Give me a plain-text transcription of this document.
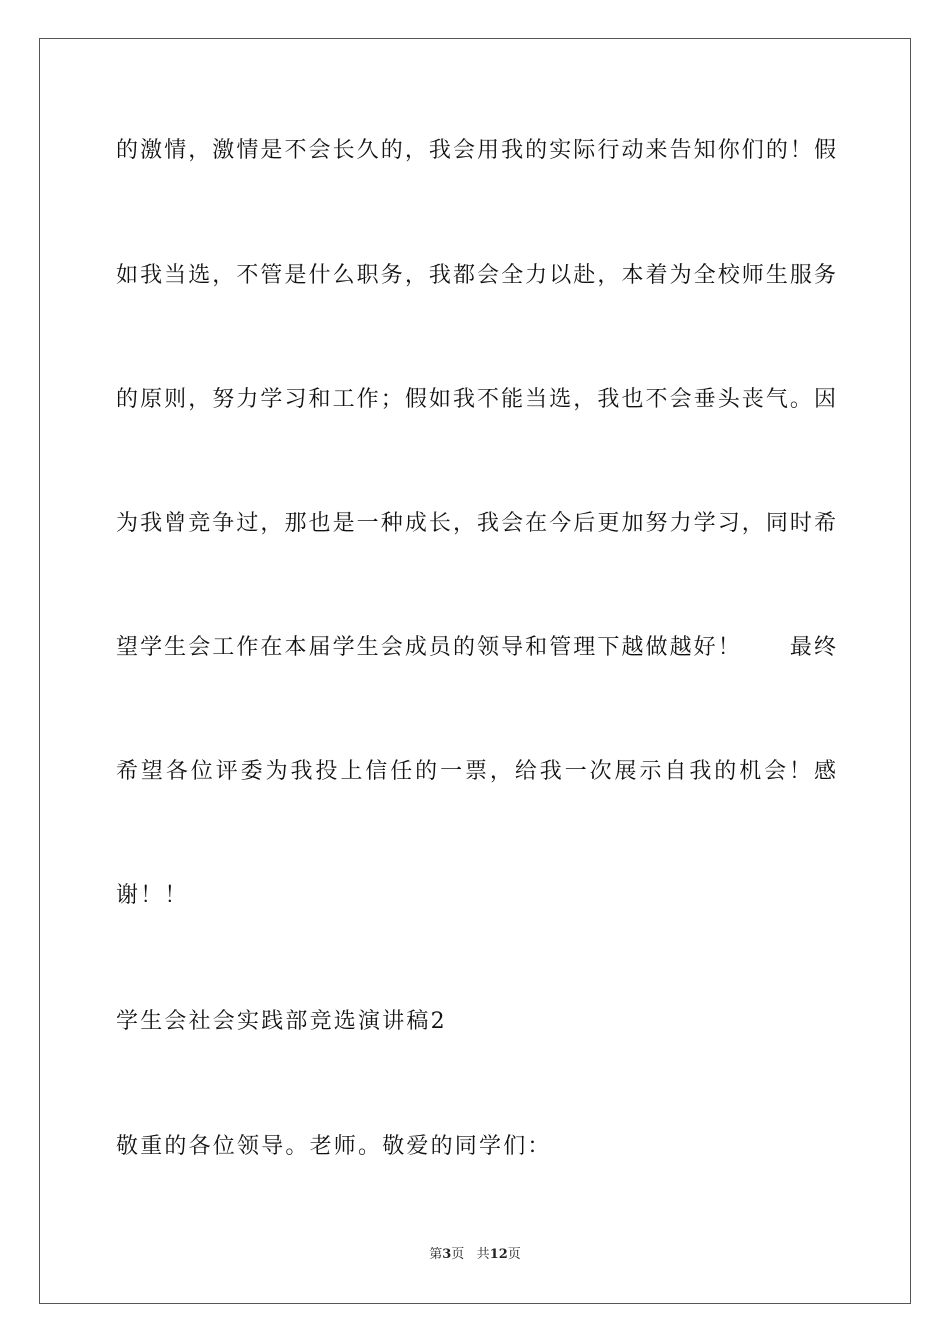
的激情，激情是不会长久的，我会用我的实际行动来告知你们的！假
如我当选，不管是什么职务，我都会全力以赴，本着为全校师生服务
的原则，努力学习和工作；假如我不能当选，我也不会垂头丧气。因
为我曾竞争过，那也是一种成长，我会在今后更加努力学习，同时希
望学生会工作在本届学生会成员的领导和管理下越做越好！　　最终
希望各位评委为我投上信任的一票，给我一次展示自我的机会！感
谢！！
学生会社会实践部竞选演讲稿2
敬重的各位领导。老师。敬爱的同学们：
第3页 共12页
